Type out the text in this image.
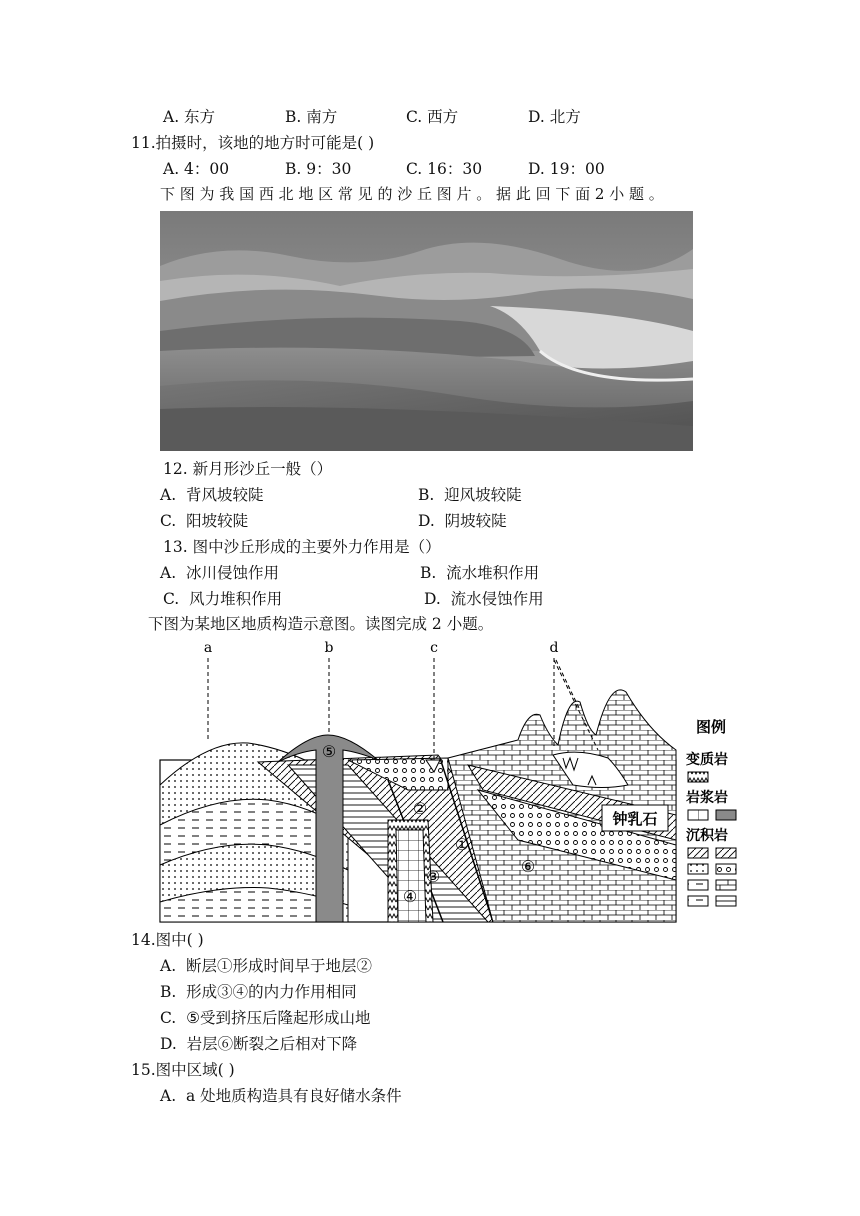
A. 东方	B. 南方	C. 西方	D. 北方
11.拍摄时，该地的地方时可能是( )
A. 4：00	B. 9：30	C. 16：30	D. 19：00
下 图 为 我 国 西 北 地 区 常 见 的 沙 丘 图 片 。 据 此 回 下 面 2 小 题 。
12. 新月形沙丘一般（）
A.  背风坡较陡	B.  迎风坡较陡
C.  阳坡较陡	D.  阴坡较陡
13. 图中沙丘形成的主要外力作用是（）
A.  冰川侵蚀作用	B.  流水堆积作用
C.  风力堆积作用	D.  流水侵蚀作用
下图为某地区地质构造示意图。读图完成 2 小题。
a	b	c	d
⑤
②
①
③
④
⑥
钟乳石
图例
变质岩
岩浆岩
沉积岩
14.图中( )
A.  断层①形成时间早于地层②
B.  形成③④的内力作用相同
C.  ⑤受到挤压后隆起形成山地
D.  岩层⑥断裂之后相对下降
15.图中区域( )
A.  a 处地质构造具有良好储水条件
